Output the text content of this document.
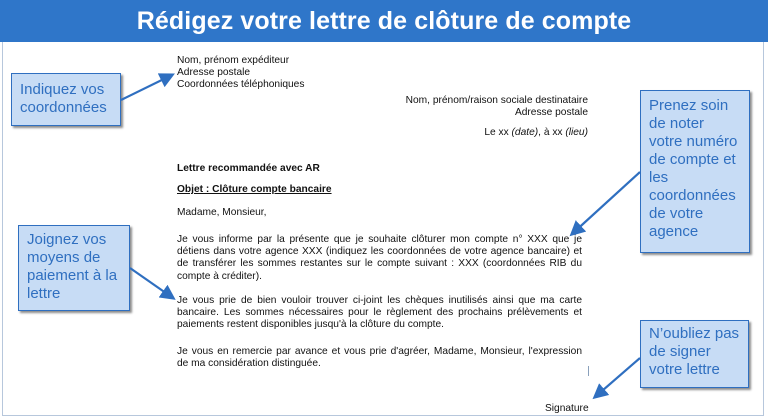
Rédigez votre lettre de clôture de compte
Nom, prénom expéditeur
Adresse postale
Coordonnées téléphoniques
Nom, prénom/raison sociale destinataire
Adresse postale
Le xx (date), à xx (lieu)
Lettre recommandée avec AR
Objet : Clôture compte bancaire
Madame, Monsieur,
Je vous informe par la présente que je souhaite clôturer mon compte n° XXX que je détiens dans votre agence XXX (indiquez les coordonnées de votre agence bancaire) et de transférer les sommes restantes sur le compte suivant : XXX (coordonnées RIB du compte à créditer).
Je vous prie de bien vouloir trouver ci-joint les chèques inutilisés ainsi que ma carte bancaire. Les sommes nécessaires pour le règlement des prochains prélèvements et paiements restent disponibles jusqu'à la clôture du compte.
Je vous en remercie par avance et vous prie d'agréer, Madame, Monsieur, l'expression de ma considération distinguée.
Signature
Indiquez vos coordonnées	Prenez soin de noter votre numéro de compte et les coordonnées de votre agence
Joignez vos moyens de paiement à la lettre
N’oubliez pas de signer votre lettre
